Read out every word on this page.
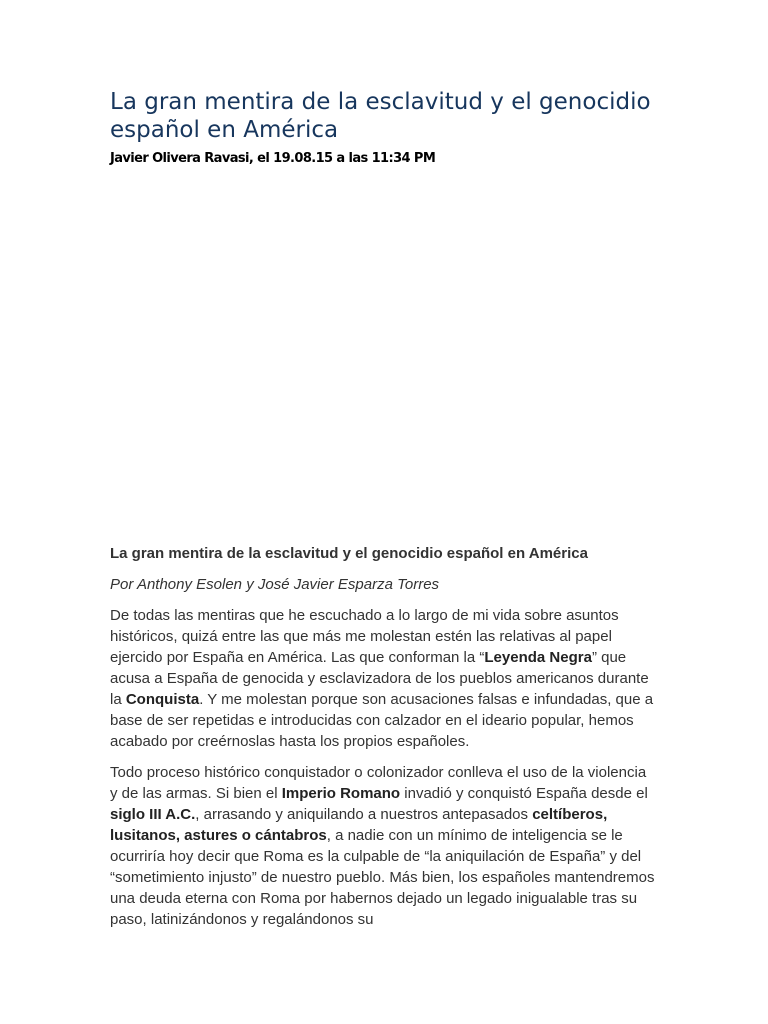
La gran mentira de la esclavitud y el genocidio español en América
Javier Olivera Ravasi, el 19.08.15 a las 11:34 PM

La gran mentira de la esclavitud y el genocidio español en América

Por Anthony Esolen y José Javier Esparza Torres

De todas las mentiras que he escuchado a lo largo de mi vida sobre asuntos históricos, quizá entre las que más me molestan estén las relativas al papel ejercido por España en América. Las que conforman la “Leyenda Negra” que acusa a España de genocida y esclavizadora de los pueblos americanos durante la Conquista. Y me molestan porque son acusaciones falsas e infundadas, que a base de ser repetidas e introducidas con calzador en el ideario popular, hemos acabado por creérnoslas hasta los propios españoles.

Todo proceso histórico conquistador o colonizador conlleva el uso de la violencia y de las armas. Si bien el Imperio Romano invadió y conquistó España desde el siglo III A.C., arrasando y aniquilando a nuestros antepasados celtíberos, lusitanos, astures o cántabros, a nadie con un mínimo de inteligencia se le ocurriría hoy decir que Roma es la culpable de “la aniquilación de España” y del “sometimiento injusto” de nuestro pueblo. Más bien, los españoles mantendremos una deuda eterna con Roma por habernos dejado un legado inigualable tras su paso, latinizándonos y regalándonos su
